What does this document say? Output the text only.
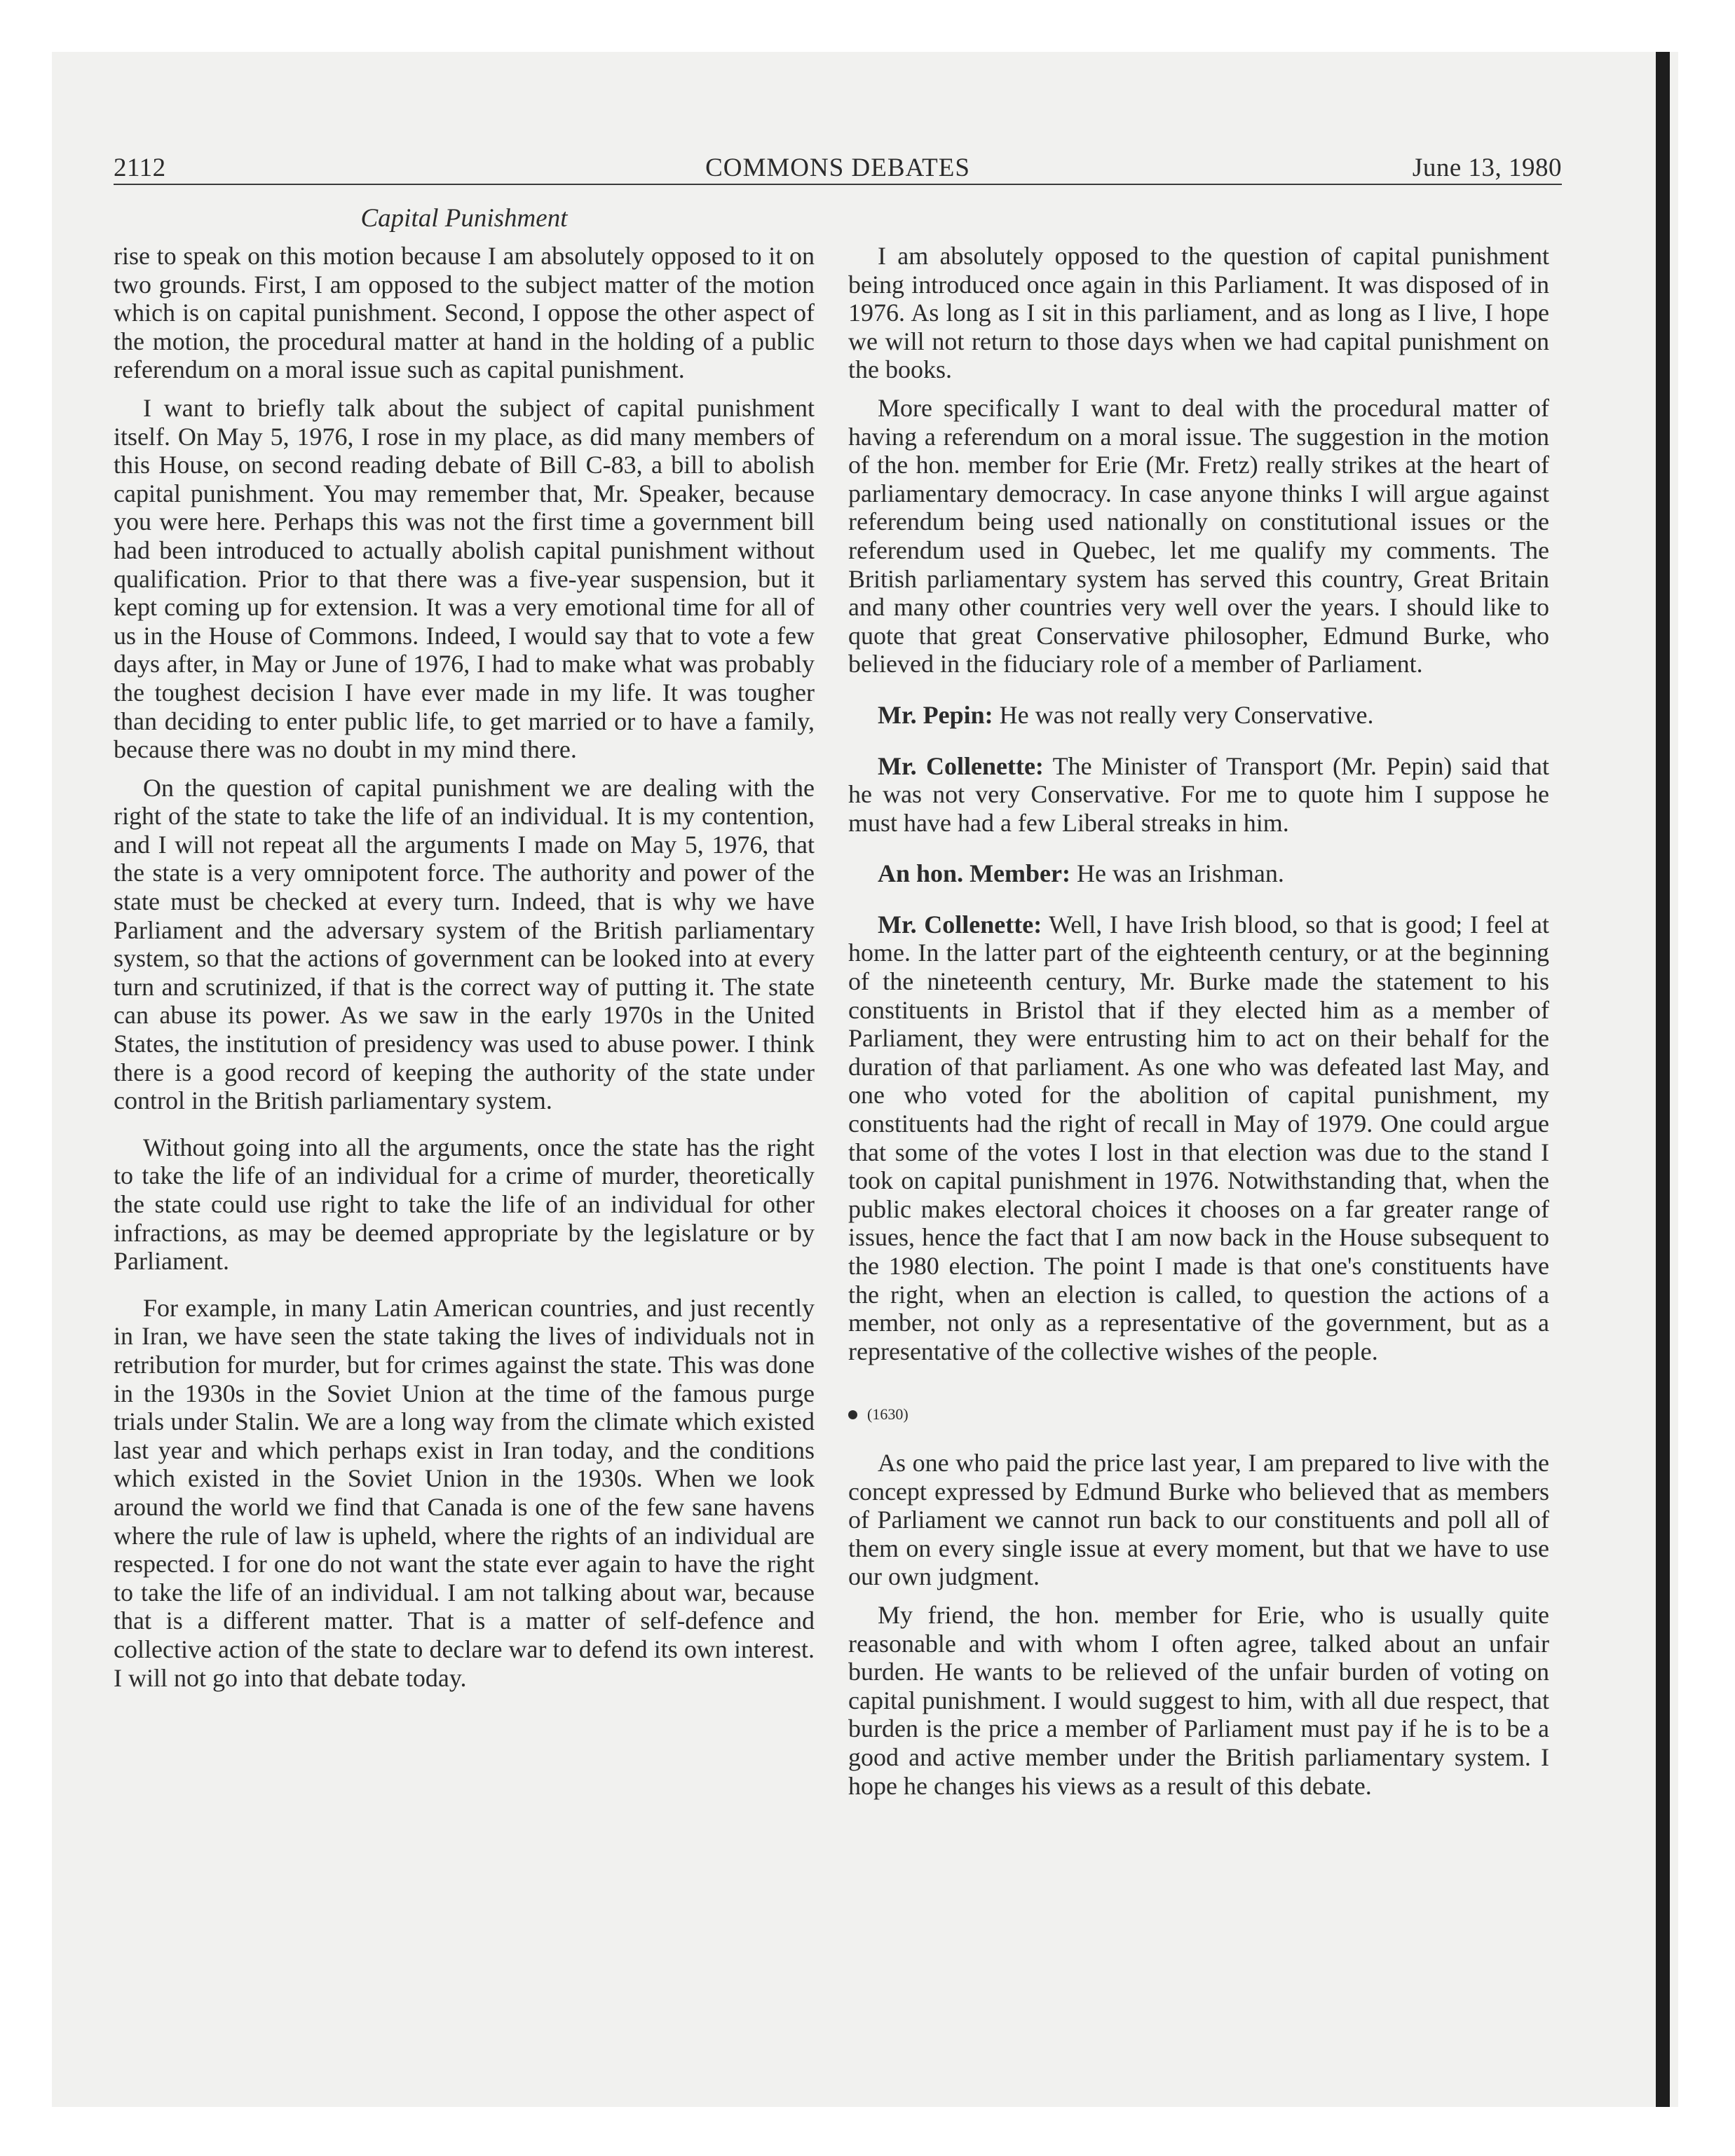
2112	COMMONS DEBATES	June 13, 1980
Capital Punishment

rise to speak on this motion because I am absolutely opposed to it on two grounds. First, I am opposed to the subject matter of the motion which is on capital punishment. Second, I oppose the other aspect of the motion, the procedural matter at hand in the holding of a public referendum on a moral issue such as capital punishment.

I want to briefly talk about the subject of capital punishment itself. On May 5, 1976, I rose in my place, as did many members of this House, on second reading debate of Bill C-83, a bill to abolish capital punishment. You may remember that, Mr. Speaker, because you were here. Perhaps this was not the first time a government bill had been introduced to actually abolish capital punishment without qualification. Prior to that there was a five-year suspension, but it kept coming up for extension. It was a very emotional time for all of us in the House of Commons. Indeed, I would say that to vote a few days after, in May or June of 1976, I had to make what was probably the toughest decision I have ever made in my life. It was tougher than deciding to enter public life, to get married or to have a family, because there was no doubt in my mind there.

On the question of capital punishment we are dealing with the right of the state to take the life of an individual. It is my contention, and I will not repeat all the arguments I made on May 5, 1976, that the state is a very omnipotent force. The authority and power of the state must be checked at every turn. Indeed, that is why we have Parliament and the adversary system of the British parliamentary system, so that the actions of government can be looked into at every turn and scrutinized, if that is the correct way of putting it. The state can abuse its power. As we saw in the early 1970s in the United States, the institution of presidency was used to abuse power. I think there is a good record of keeping the authority of the state under control in the British parliamentary system.

Without going into all the arguments, once the state has the right to take the life of an individual for a crime of murder, theoretically the state could use right to take the life of an individual for other infractions, as may be deemed appropriate by the legislature or by Parliament.

For example, in many Latin American countries, and just recently in Iran, we have seen the state taking the lives of individuals not in retribution for murder, but for crimes against the state. This was done in the 1930s in the Soviet Union at the time of the famous purge trials under Stalin. We are a long way from the climate which existed last year and which perhaps exist in Iran today, and the conditions which existed in the Soviet Union in the 1930s. When we look around the world we find that Canada is one of the few sane havens where the rule of law is upheld, where the rights of an individual are respected. I for one do not want the state ever again to have the right to take the life of an individual. I am not talking about war, because that is a different matter. That is a matter of self-defence and collective action of the state to declare war to defend its own interest. I will not go into that debate today.

I am absolutely opposed to the question of capital punishment being introduced once again in this Parliament. It was disposed of in 1976. As long as I sit in this parliament, and as long as I live, I hope we will not return to those days when we had capital punishment on the books.

More specifically I want to deal with the procedural matter of having a referendum on a moral issue. The suggestion in the motion of the hon. member for Erie (Mr. Fretz) really strikes at the heart of parliamentary democracy. In case anyone thinks I will argue against referendum being used nationally on constitutional issues or the referendum used in Quebec, let me qualify my comments. The British parliamentary system has served this country, Great Britain and many other countries very well over the years. I should like to quote that great Conservative philosopher, Edmund Burke, who believed in the fiduciary role of a member of Parliament.

Mr. Pepin: He was not really very Conservative.

Mr. Collenette: The Minister of Transport (Mr. Pepin) said that he was not very Conservative. For me to quote him I suppose he must have had a few Liberal streaks in him.

An hon. Member: He was an Irishman.

Mr. Collenette: Well, I have Irish blood, so that is good; I feel at home. In the latter part of the eighteenth century, or at the beginning of the nineteenth century, Mr. Burke made the statement to his constituents in Bristol that if they elected him as a member of Parliament, they were entrusting him to act on their behalf for the duration of that parliament. As one who was defeated last May, and one who voted for the abolition of capital punishment, my constituents had the right of recall in May of 1979. One could argue that some of the votes I lost in that election was due to the stand I took on capital punishment in 1976. Notwithstanding that, when the public makes electoral choices it chooses on a far greater range of issues, hence the fact that I am now back in the House subsequent to the 1980 election. The point I made is that one's constituents have the right, when an election is called, to question the actions of a member, not only as a representative of the government, but as a representative of the collective wishes of the people.

(1630)

As one who paid the price last year, I am prepared to live with the concept expressed by Edmund Burke who believed that as members of Parliament we cannot run back to our constituents and poll all of them on every single issue at every moment, but that we have to use our own judgment.

My friend, the hon. member for Erie, who is usually quite reasonable and with whom I often agree, talked about an unfair burden. He wants to be relieved of the unfair burden of voting on capital punishment. I would suggest to him, with all due respect, that burden is the price a member of Parliament must pay if he is to be a good and active member under the British parliamentary system. I hope he changes his views as a result of this debate.
